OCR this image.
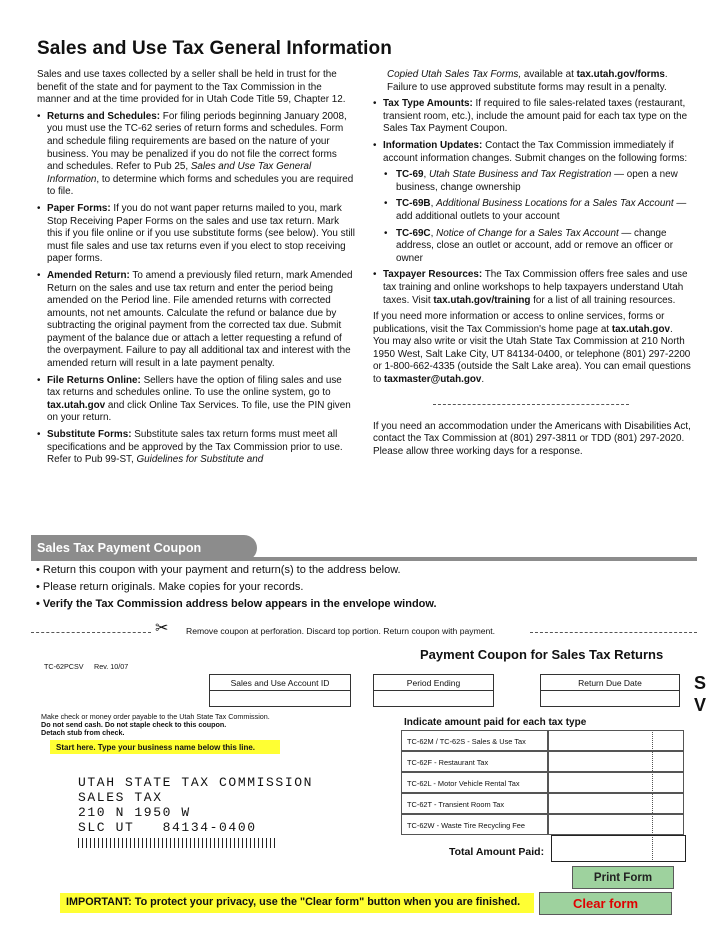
Sales and Use Tax General Information

Sales and use taxes collected by a seller shall be held in trust for the benefit of the state and for payment to the Tax Commission in the manner and at the time provided for in Utah Code Title 59, Chapter 12.

• Returns and Schedules: For filing periods beginning January 2008, you must use the TC-62 series of return forms and schedules. Form and schedule filing requirements are based on the nature of your business. You may be penalized if you do not file the correct forms and schedules. Refer to Pub 25, Sales and Use Tax General Information, to determine which forms and schedules you are required to file.
• Paper Forms: If you do not want paper returns mailed to you, mark Stop Receiving Paper Forms on the sales and use tax return. Mark this if you file online or if you use substitute forms (see below). You still must file sales and use tax returns even if you elect to stop receiving paper forms.
• Amended Return: To amend a previously filed return, mark Amended Return on the sales and use tax return and enter the period being amended on the Period line. File amended returns with corrected amounts, not net amounts. Calculate the refund or balance due by subtracting the original payment from the corrected tax due. Submit payment of the balance due or attach a letter requesting a refund of the overpayment. Failure to pay all additional tax and interest with the amended return will result in a late payment penalty.
• File Returns Online: Sellers have the option of filing sales and use tax returns and schedules online. To use the online system, go to tax.utah.gov and click Online Tax Services. To file, use the PIN given on your return.
• Substitute Forms: Substitute sales tax return forms must meet all specifications and be approved by the Tax Commission prior to use. Refer to Pub 99-ST, Guidelines for Substitute and

Copied Utah Sales Tax Forms, available at tax.utah.gov/forms. Failure to use approved substitute forms may result in a penalty.

• Tax Type Amounts: If required to file sales-related taxes (restaurant, transient room, etc.), include the amount paid for each tax type on the Sales Tax Payment Coupon.
• Information Updates: Contact the Tax Commission immediately if account information changes. Submit changes on the following forms:
• TC-69, Utah State Business and Tax Registration — open a new business, change ownership
• TC-69B, Additional Business Locations for a Sales Tax Account — add additional outlets to your account
• TC-69C, Notice of Change for a Sales Tax Account — change address, close an outlet or account, add or remove an officer or owner
• Taxpayer Resources: The Tax Commission offers free sales and use tax training and online workshops to help taxpayers understand Utah taxes. Visit tax.utah.gov/training for a list of all training resources.

If you need more information or access to online services, forms or publications, visit the Tax Commission's home page at tax.utah.gov. You may also write or visit the Utah State Tax Commission at 210 North 1950 West, Salt Lake City, UT 84134-0400, or telephone (801) 297-2200 or 1-800-662-4335 (outside the Salt Lake area). You can email questions to taxmaster@utah.gov.

If you need an accommodation under the Americans with Disabilities Act, contact the Tax Commission at (801) 297-3811 or TDD (801) 297-2020. Please allow three working days for a response.

Sales Tax Payment Coupon
• Return this coupon with your payment and return(s) to the address below.
• Please return originals. Make copies for your records.
• Verify the Tax Commission address below appears in the envelope window.
✂ Remove coupon at perforation. Discard top portion. Return coupon with payment.
Payment Coupon for Sales Tax Returns
TC-62PCSV Rev. 10/07
Sales and Use Account ID	Period Ending	Return Due Date	S
V
Make check or money order payable to the Utah State Tax Commission.
Do not send cash. Do not staple check to this coupon.
Detach stub from check.
Start here. Type your business name below this line.
UTAH STATE TAX COMMISSION
SALES TAX
210 N 1950 W
SLC UT   84134-0400
Indicate amount paid for each tax type
TC-62M / TC-62S - Sales & Use Tax
TC-62F - Restaurant Tax
TC-62L - Motor Vehicle Rental Tax
TC-62T - Transient Room Tax
TC-62W - Waste Tire Recycling Fee
Total Amount Paid:
Print Form
IMPORTANT: To protect your privacy, use the "Clear form" button when you are finished.	Clear form
